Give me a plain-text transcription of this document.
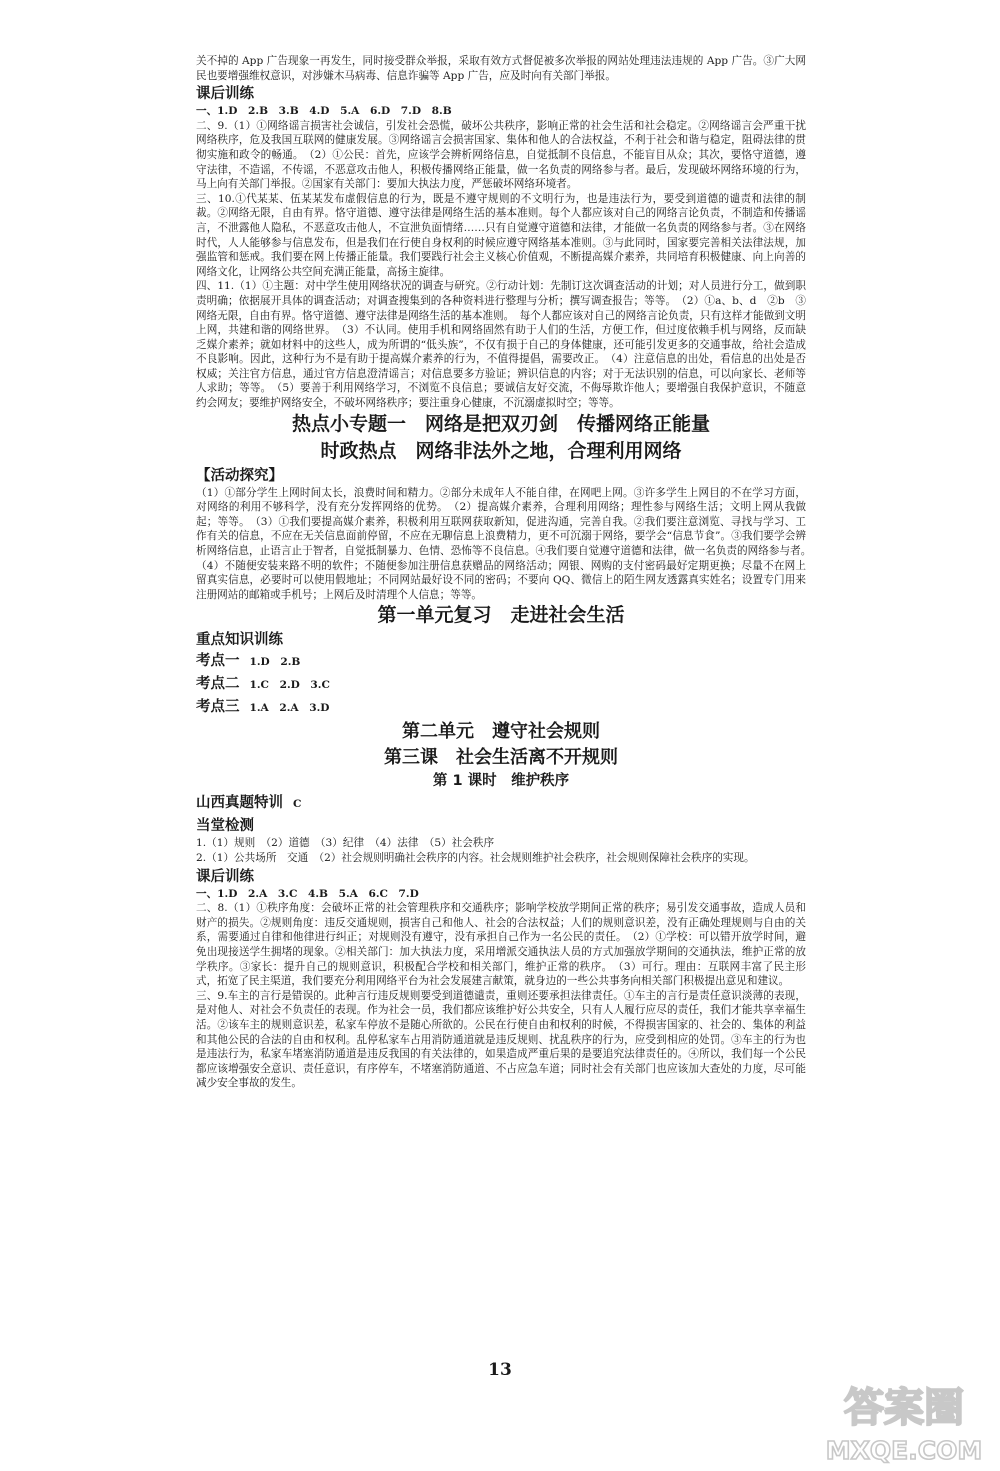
关不掉的 App 广告现象一再发生，同时接受群众举报，采取有效方式督促被多次举报的网站处理违法违规的 App 广告。③广大网民也要增强维权意识，对涉嫌木马病毒、信息诈骗等 App 广告，应及时向有关部门举报。
课后训练
一、1.D　2.B　3.B　4.D　5.A　6.D　7.D　8.B
二、9.（1）①网络谣言损害社会诚信，引发社会恐慌，破坏公共秩序，影响正常的社会生活和社会稳定。②网络谣言会严重干扰网络秩序，危及我国互联网的健康发展。③网络谣言会损害国家、集体和他人的合法权益，不利于社会和谐与稳定，阻碍法律的贯彻实施和政令的畅通。　（2）①公民：首先，应该学会辨析网络信息，自觉抵制不良信息，不能盲目从众；其次，要恪守道德，遵守法律，不造谣，不传谣，不恶意攻击他人，积极传播网络正能量，做一名负责的网络参与者。最后，发现破坏网络环境的行为，马上向有关部门举报。②国家有关部门：要加大执法力度，严惩破坏网络环境者。
三、10.①代某某、伍某某发布虚假信息的行为，既是不遵守规则的不文明行为，也是违法行为，要受到道德的谴责和法律的制裁。②网络无限，自由有界。恪守道德、遵守法律是网络生活的基本准则。每个人都应该对自己的网络言论负责，不制造和传播谣言，不泄露他人隐私，不恶意攻击他人，不宣泄负面情绪……只有自觉遵守道德和法律，才能做一名负责的网络参与者。③在网络时代，人人能够参与信息发布，但是我们在行使自身权利的时候应遵守网络基本准则。③与此同时，国家要完善相关法律法规，加强监管和惩戒。我们要在网上传播正能量。我们要践行社会主义核心价值观，不断提高媒介素养，共同培育积极健康、向上向善的网络文化，让网络公共空间充满正能量，高扬主旋律。
四、11.（1）①主题：对中学生使用网络状况的调查与研究。②行动计划：先制订这次调查活动的计划；对人员进行分工，做到职责明确；依据展开具体的调查活动；对调查搜集到的各种资料进行整理与分析；撰写调查报告；等等。　（2）①a、b、d　②b　③网络无限，自由有界。恪守道德、遵守法律是网络生活的基本准则。　每个人都应该对自己的网络言论负责，只有这样才能做到文明上网，共建和谐的网络世界。　（3）不认同。使用手机和网络固然有助于人们的生活，方便工作，但过度依赖手机与网络，反而缺乏媒介素养；就如材料中的这些人，成为所谓的“低头族”，不仅有损于自己的身体健康，还可能引发更多的交通事故，给社会造成不良影响。因此，这种行为不是有助于提高媒介素养的行为，不值得提倡，需要改正。　（4）注意信息的出处，看信息的出处是否权威；关注官方信息，通过官方信息澄清谣言；对信息要多方验证；辨识信息的内容；对于无法识别的信息，可以向家长、老师等人求助；等等。　（5）要善于利用网络学习，不浏览不良信息；要诚信友好交流，不侮辱欺诈他人；要增强自我保护意识，不随意约会网友；要维护网络安全，不破坏网络秩序；要注重身心健康，不沉溺虚拟时空；等等。
热点小专题一　网络是把双刃剑　传播网络正能量
时政热点　网络非法外之地，合理利用网络
【活动探究】
（1）①部分学生上网时间太长，浪费时间和精力。②部分未成年人不能自律，在网吧上网。③许多学生上网目的不在学习方面，对网络的利用不够科学，没有充分发挥网络的优势。　（2）提高媒介素养，合理利用网络；理性参与网络生活；文明上网从我做起；等等。　（3）①我们要提高媒介素养，积极利用互联网获取新知，促进沟通，完善自我。②我们要注意浏览、寻找与学习、工作有关的信息，不应在无关信息面前停留，不应在无聊信息上浪费精力，更不可沉溺于网络，要学会“信息节食”。③我们要学会辨析网络信息，止语言止于智者，自觉抵制暴力、色情、恐怖等不良信息。④我们要自觉遵守道德和法律，做一名负责的网络参与者。　（4）不随便安装来路不明的软件；不随便参加注册信息获赠品的网络活动；网银、网购的支付密码最好定期更换；尽量不在网上留真实信息，必要时可以使用假地址；不同网站最好设不同的密码；不要向 QQ、微信上的陌生网友透露真实姓名；设置专门用来注册网站的邮箱或手机号；上网后及时清理个人信息；等等。
第一单元复习　走进社会生活
重点知识训练
考点一 1.D　2.B
考点二 1.C　2.D　3.C
考点三 1.A　2.A　3.D
第二单元　遵守社会规则
第三课　社会生活离不开规则
第 1 课时　维护秩序
山西真题特训 C
当堂检测
1.（1）规则　（2）道德　（3）纪律　（4）法律　（5）社会秩序
2.（1）公共场所　交通　（2）社会规则明确社会秩序的内容。社会规则维护社会秩序，社会规则保障社会秩序的实现。
课后训练
一、1.D　2.A　3.C　4.B　5.A　6.C　7.D
二、8.（1）①秩序角度：会破坏正常的社会管理秩序和交通秩序；影响学校放学期间正常的秩序；易引发交通事故，造成人员和财产的损失。②规则角度：违反交通规则，损害自己和他人、社会的合法权益；人们的规则意识差，没有正确处理规则与自由的关系，需要通过自律和他律进行纠正；对规则没有遵守，没有承担自己作为一名公民的责任。　（2）①学校：可以错开放学时间，避免出现接送学生拥堵的现象。②相关部门：加大执法力度，采用增派交通执法人员的方式加强放学期间的交通执法，维护正常的放学秩序。③家长：提升自己的规则意识，积极配合学校和相关部门，维护正常的秩序。　（3）可行。理由：互联网丰富了民主形式，拓宽了民主渠道，我们要充分利用网络平台为社会发展建言献策，就身边的一些公共事务向相关部门积极提出意见和建议。
三、9.车主的言行是错误的。此种言行违反规则要受到道德谴责，重则还要承担法律责任。①车主的言行是责任意识淡薄的表现，是对他人、对社会不负责任的表现。作为社会一员，我们都应该维护好公共安全，只有人人履行应尽的责任，我们才能共享幸福生活。②该车主的规则意识差，私家车停放不是随心所欲的。公民在行使自由和权利的时候，不得损害国家的、社会的、集体的利益和其他公民的合法的自由和权利。乱停私家车占用消防通道就是违反规则、扰乱秩序的行为，应受到相应的处罚。③车主的行为也是违法行为，私家车堵塞消防通道是违反我国的有关法律的，如果造成严重后果的是要追究法律责任的。④所以，我们每一个公民都应该增强安全意识、责任意识，有序停车，不堵塞消防通道、不占应急车道；同时社会有关部门也应该加大查处的力度，尽可能减少安全事故的发生。
13
答案圈
MXQE.COM
